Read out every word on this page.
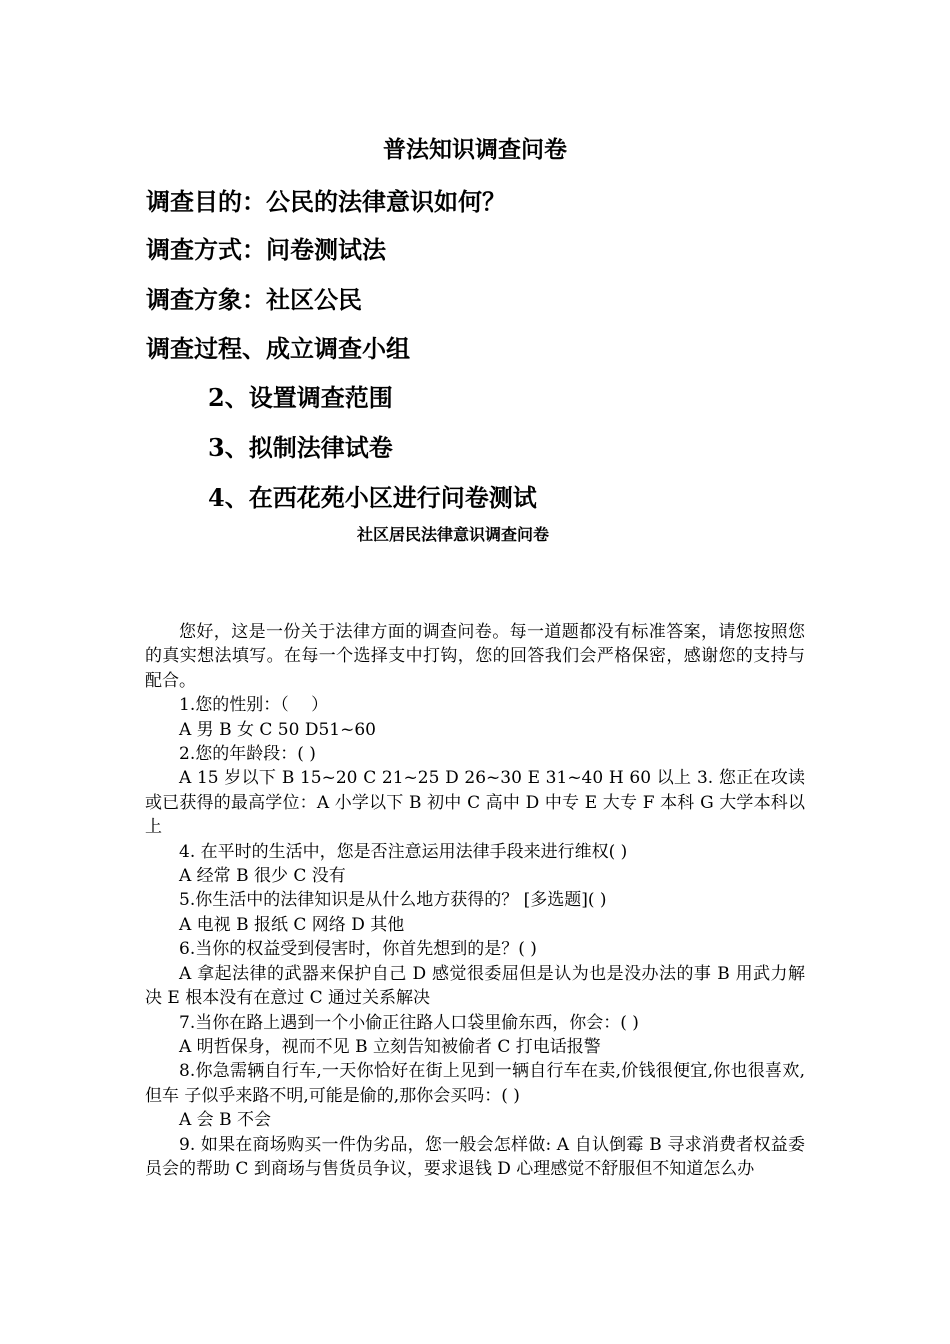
普法知识调查问卷
调查目的：公民的法律意识如何？
调查方式：问卷测试法
调查方象：社区公民
调查过程、成立调查小组
2、设置调查范围
3、拟制法律试卷
4、在西花苑小区进行问卷测试
社区居民法律意识调查问卷

您好，这是一份关于法律方面的调查问卷。每一道题都没有标准答案，请您按照您的真实想法填写。在每一个选择支中打钩，您的回答我们会严格保密，感谢您的支持与配合。

1.您的性别：（　 ）

A 男 B 女 C 50 D51~60

2.您的年龄段：( )

A 15 岁以下 B 15~20 C 21~25 D 26~30 E 31~40 H 60 以上 3. 您正在攻读或已获得的最高学位：A 小学以下 B 初中 C 高中 D 中专 E 大专 F 本科 G 大学本科以上

4. 在平时的生活中，您是否注意运用法律手段来进行维权( )

A 经常 B 很少 C 没有

5.你生活中的法律知识是从什么地方获得的？ [多选题]( )

A 电视 B 报纸 C 网络 D 其他

6.当你的权益受到侵害时，你首先想到的是？( )

A 拿起法律的武器来保护自己 D 感觉很委屈但是认为也是没办法的事 B 用武力解决 E 根本没有在意过 C 通过关系解决

7.当你在路上遇到一个小偷正往路人口袋里偷东西，你会：( )

A 明哲保身，视而不见 B 立刻告知被偷者 C 打电话报警

8.你急需辆自行车,一天你恰好在街上见到一辆自行车在卖,价钱很便宜,你也很喜欢,但车 子似乎来路不明,可能是偷的,那你会买吗：( )

A 会 B 不会

9. 如果在商场购买一件伪劣品，您一般会怎样做: A 自认倒霉 B 寻求消费者权益委员会的帮助 C 到商场与售货员争议，要求退钱 D 心理感觉不舒服但不知道怎么办
